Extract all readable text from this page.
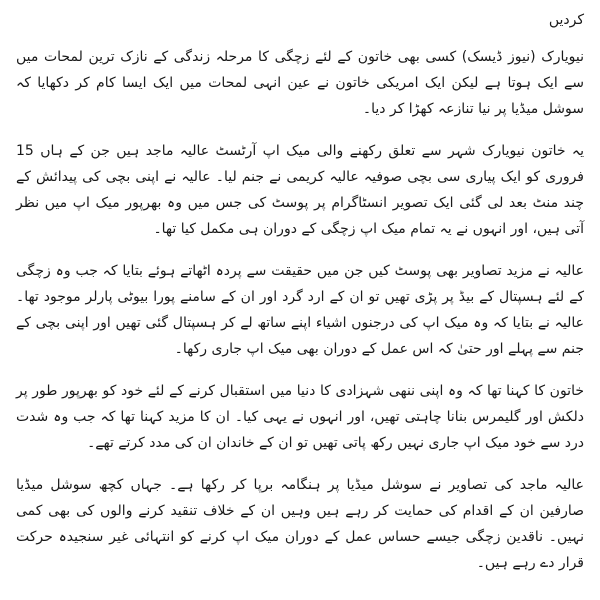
کردیں

نیویارک (نیوز ڈیسک) کسی بھی خاتون کے لئے زچگی کا مرحلہ زندگی کے نازک ترین لمحات میں سے ایک ہوتا ہے لیکن ایک امریکی خاتون نے عین انہی لمحات میں ایک ایسا کام کر دکھایا کہ سوشل میڈیا پر نیا تنازعہ کھڑا کر دیا۔

یہ خاتون نیویارک شہر سے تعلق رکھنے والی میک اپ آرٹسٹ عالیہ ماجد ہیں جن کے ہاں 15 فروری کو ایک پیاری سی بچی صوفیہ عالیہ کریمی نے جنم لیا۔ عالیہ نے اپنی بچی کی پیدائش کے چند منٹ بعد لی گئی ایک تصویر انسٹاگرام پر پوسٹ کی جس میں وہ بھرپور میک اپ میں نظر آتی ہیں، اور انہوں نے یہ تمام میک اپ زچگی کے دوران ہی مکمل کیا تھا۔

عالیہ نے مزید تصاویر بھی پوسٹ کیں جن میں حقیقت سے پردہ اٹھاتے ہوئے بتایا کہ جب وہ زچگی کے لئے ہسپتال کے بیڈ پر پڑی تھیں تو ان کے ارد گرد اور ان کے سامنے پورا بیوٹی پارلر موجود تھا۔ عالیہ نے بتایا کہ وہ میک اپ کی درجنوں اشیاء اپنے ساتھ لے کر ہسپتال گئی تھیں اور اپنی بچی کے جنم سے پہلے اور حتیٰ کہ اس عمل کے دوران بھی میک اپ جاری رکھا۔

خاتون کا کہنا تھا کہ وہ اپنی ننھی شہزادی کا دنیا میں استقبال کرنے کے لئے خود کو بھرپور طور پر دلکش اور گلیمرس بنانا چاہتی تھیں، اور انہوں نے یہی کیا۔ ان کا مزید کہنا تھا کہ جب وہ شدت درد سے خود میک اپ جاری نہیں رکھ پاتی تھیں تو ان کے خاندان ان کی مدد کرتے تھے۔

عالیہ ماجد کی تصاویر نے سوشل میڈیا پر ہنگامہ برپا کر رکھا ہے۔ جہاں کچھ سوشل میڈیا صارفین ان کے اقدام کی حمایت کر رہے ہیں وہیں ان کے خلاف تنقید کرنے والوں کی بھی کمی نہیں۔ ناقدین زچگی جیسے حساس عمل کے دوران میک اپ کرنے کو انتہائی غیر سنجیدہ حرکت قرار دے رہے ہیں۔
